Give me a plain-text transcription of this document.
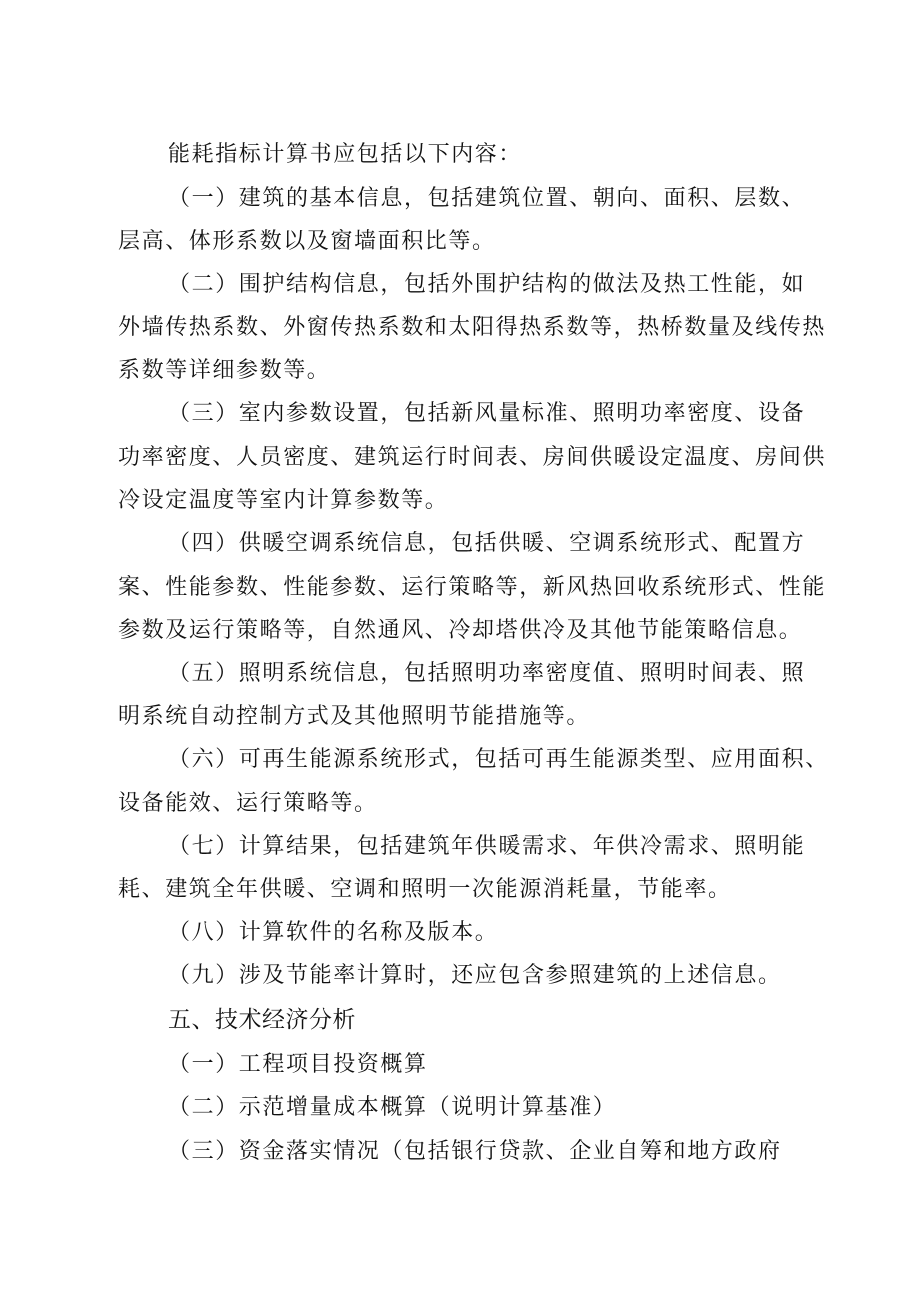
能耗指标计算书应包括以下内容：
（一）建筑的基本信息，包括建筑位置、朝向、面积、层数、
层高、体形系数以及窗墙面积比等。
（二）围护结构信息，包括外围护结构的做法及热工性能，如
外墙传热系数、外窗传热系数和太阳得热系数等，热桥数量及线传热
系数等详细参数等。
（三）室内参数设置，包括新风量标准、照明功率密度、设备
功率密度、人员密度、建筑运行时间表、房间供暖设定温度、房间供
冷设定温度等室内计算参数等。
（四）供暖空调系统信息，包括供暖、空调系统形式、配置方
案、性能参数、性能参数、运行策略等，新风热回收系统形式、性能
参数及运行策略等，自然通风、冷却塔供冷及其他节能策略信息。
（五）照明系统信息，包括照明功率密度值、照明时间表、照
明系统自动控制方式及其他照明节能措施等。
（六）可再生能源系统形式，包括可再生能源类型、应用面积、
设备能效、运行策略等。
（七）计算结果，包括建筑年供暖需求、年供冷需求、照明能
耗、建筑全年供暖、空调和照明一次能源消耗量，节能率。
（八）计算软件的名称及版本。
（九）涉及节能率计算时，还应包含参照建筑的上述信息。
五、技术经济分析
（一）工程项目投资概算
（二）示范增量成本概算（说明计算基准）
（三）资金落实情况（包括银行贷款、企业自筹和地方政府
